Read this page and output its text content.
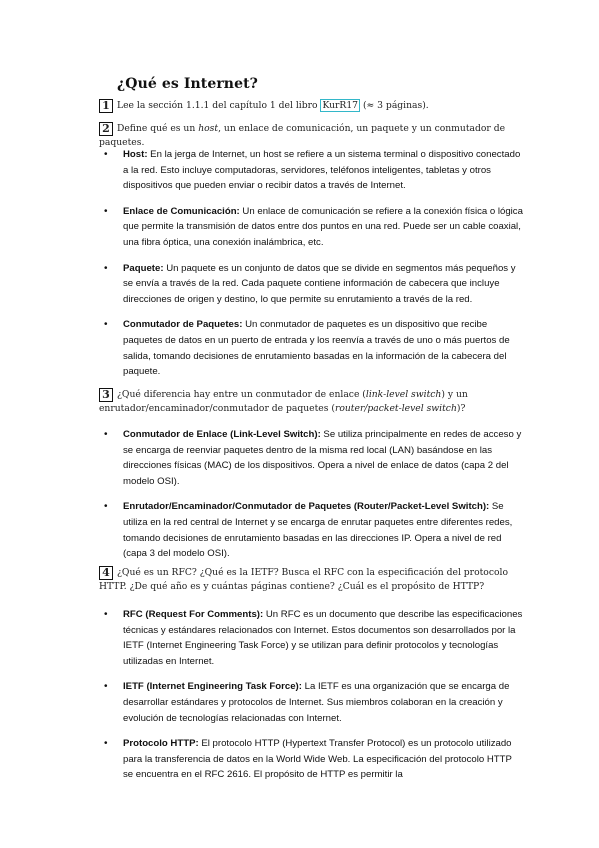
¿Qué es Internet?
1 Lee la sección 1.1.1 del capítulo 1 del libro KurR17 (≈ 3 páginas).
2 Define qué es un host, un enlace de comunicación, un paquete y un conmutador de paquetes.
• Host: En la jerga de Internet, un host se refiere a un sistema terminal o dispositivo conectado a la red. Esto incluye computadoras, servidores, teléfonos inteligentes, tabletas y otros dispositivos que pueden enviar o recibir datos a través de Internet.
• Enlace de Comunicación: Un enlace de comunicación se refiere a la conexión física o lógica que permite la transmisión de datos entre dos puntos en una red. Puede ser un cable coaxial, una fibra óptica, una conexión inalámbrica, etc.
• Paquete: Un paquete es un conjunto de datos que se divide en segmentos más pequeños y se envía a través de la red. Cada paquete contiene información de cabecera que incluye direcciones de origen y destino, lo que permite su enrutamiento a través de la red.
• Conmutador de Paquetes: Un conmutador de paquetes es un dispositivo que recibe paquetes de datos en un puerto de entrada y los reenvía a través de uno o más puertos de salida, tomando decisiones de enrutamiento basadas en la información de la cabecera del paquete.
3 ¿Qué diferencia hay entre un conmutador de enlace (link-level switch) y un enrutador/encaminador/conmutador de paquetes (router/packet-level switch)?
• Conmutador de Enlace (Link-Level Switch): Se utiliza principalmente en redes de acceso y se encarga de reenviar paquetes dentro de la misma red local (LAN) basándose en las direcciones físicas (MAC) de los dispositivos. Opera a nivel de enlace de datos (capa 2 del modelo OSI).
• Enrutador/Encaminador/Conmutador de Paquetes (Router/Packet-Level Switch): Se utiliza en la red central de Internet y se encarga de enrutar paquetes entre diferentes redes, tomando decisiones de enrutamiento basadas en las direcciones IP. Opera a nivel de red (capa 3 del modelo OSI).
4 ¿Qué es un RFC? ¿Qué es la IETF? Busca el RFC con la especificación del protocolo HTTP. ¿De qué año es y cuántas páginas contiene? ¿Cuál es el propósito de HTTP?
• RFC (Request For Comments): Un RFC es un documento que describe las especificaciones técnicas y estándares relacionados con Internet. Estos documentos son desarrollados por la IETF (Internet Engineering Task Force) y se utilizan para definir protocolos y tecnologías utilizadas en Internet.
• IETF (Internet Engineering Task Force): La IETF es una organización que se encarga de desarrollar estándares y protocolos de Internet. Sus miembros colaboran en la creación y evolución de tecnologías relacionadas con Internet.
• Protocolo HTTP: El protocolo HTTP (Hypertext Transfer Protocol) es un protocolo utilizado para la transferencia de datos en la World Wide Web. La especificación del protocolo HTTP se encuentra en el RFC 2616. El propósito de HTTP es permitir la
